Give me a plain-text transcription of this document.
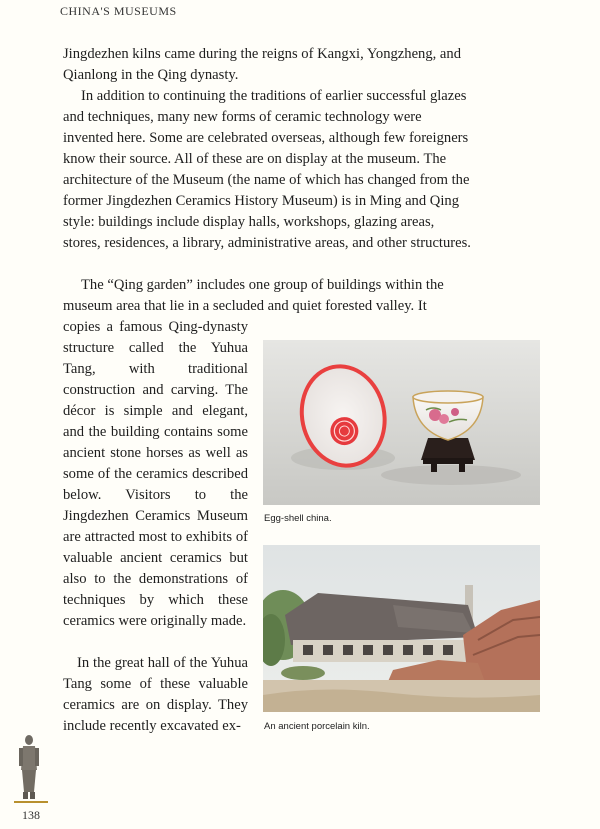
CHINA'S MUSEUMS

Jingdezhen kilns came during the reigns of Kangxi, Yongzheng, and Qianlong in the Qing dynasty.

In addition to continuing the traditions of earlier successful glazes and techniques, many new forms of ceramic technology were invented here. Some are celebrated overseas, although few foreigners know their source. All of these are on display at the museum. The architecture of the Museum (the name of which has changed from the former Jingdezhen Ceramics History Museum) is in Ming and Qing style: buildings include display halls, workshops, glazing areas, stores, residences, a library, administrative areas, and other structures.

The “Qing garden” includes one group of buildings within the museum area that lie in a secluded and quiet forested valley. It

copies a famous Qing-dynasty structure called the Yuhua Tang, with traditional construction and carving. The décor is simple and elegant, and the building contains some ancient stone horses as well as some of the ceramics described below. Visitors to the Jingdezhen Ceramics Museum are attracted most to exhibits of valuable ancient ceramics but also to the demonstrations of techniques by which these ceramics were originally made.

In the great hall of the Yuhua Tang some of these valuable ceramics are on display. They include recently excavated ex-

Egg-shell china.
An ancient porcelain kiln.
138
